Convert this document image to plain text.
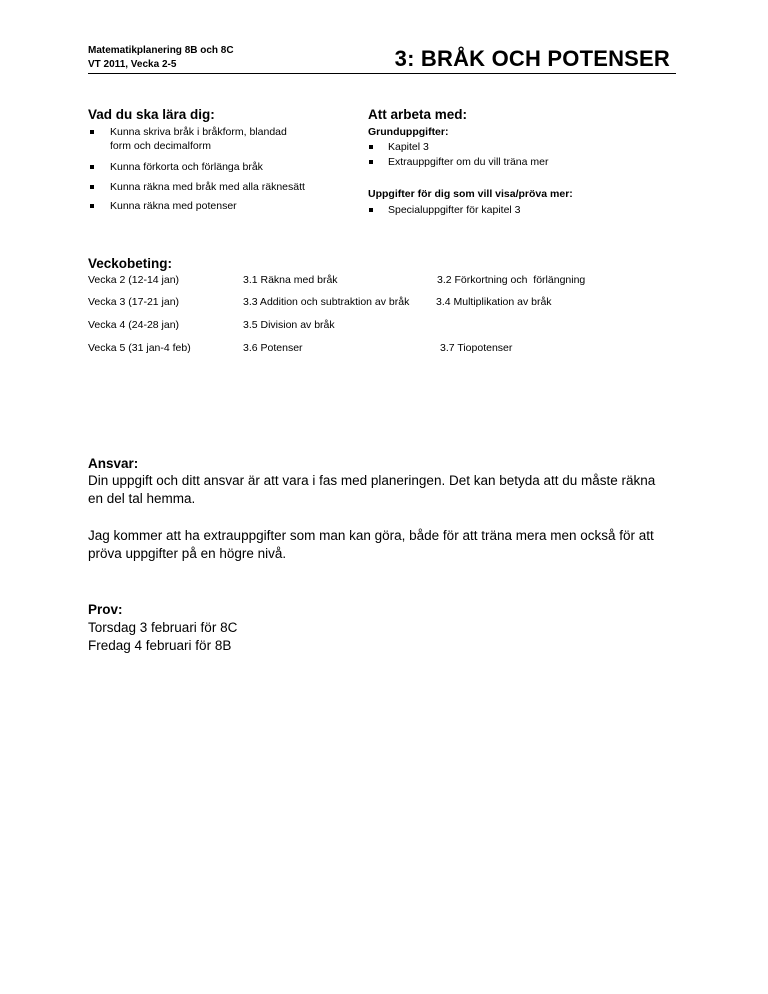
Matematikplanering 8B och 8C
VT 2011, Vecka 2-5	3: BRÅK OCH POTENSER
Vad du ska lära dig:
Kunna skriva bråk i bråkform, blandad
form och decimalform
Kunna förkorta och förlänga bråk
Kunna räkna med bråk med alla räknesätt
Kunna räkna med potenser
Att arbeta med:
Grunduppgifter:
Kapitel 3
Extrauppgifter om du vill träna mer
Uppgifter för dig som vill visa/pröva mer:
Specialuppgifter för kapitel 3
Veckobeting:
Vecka 2 (12-14 jan)	3.1 Räkna med bråk	3.2 Förkortning och  förlängning
Vecka 3 (17-21 jan)	3.3 Addition och subtraktion av bråk	3.4 Multiplikation av bråk
Vecka 4 (24-28 jan)	3.5 Division av bråk
Vecka 5 (31 jan-4 feb)	3.6 Potenser	3.7 Tiopotenser
Ansvar:
Din uppgift och ditt ansvar är att vara i fas med planeringen. Det kan betyda att du måste räkna
en del tal hemma.
Jag kommer att ha extrauppgifter som man kan göra, både för att träna mera men också för att
pröva uppgifter på en högre nivå.
Prov:
Torsdag 3 februari för 8C
Fredag 4 februari för 8B
